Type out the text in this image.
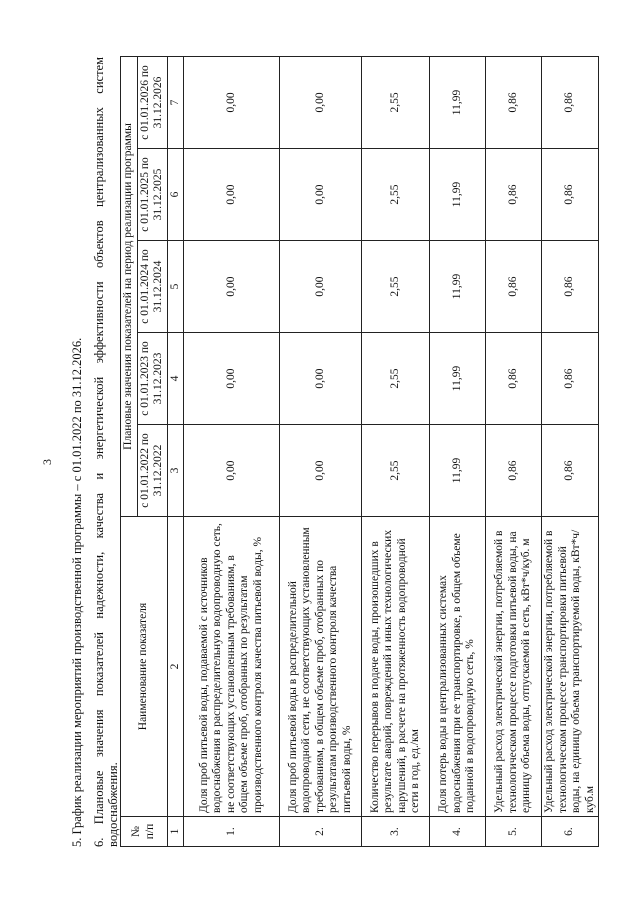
3 5. График реализации мероприятий производственной программы – с 01.01.2022 по 31.12.2026. 6. Плановые значения показателей надежности, качества и энергетической эффективности объектов централизованных систем водоснабжения. № п/п	Наименование показателя	Плановые значения показателей на период реализации программы				
		с 01.01.2022 по 31.12.2022	с 01.01.2023 по 31.12.2023	с 01.01.2024 по 31.12.2024	с 01.01.2025 по 31.12.2025	с 01.01.2026 по 31.12.2026
1	2	3	4	5	6	7
1.	Доля проб питьевой воды, подаваемой с источников водоснабжения в распределительную водопроводную сеть, не соответствующих установленным требованиям, в общем объеме проб, отобранных по результатам производственного контроля качества питьевой воды, %	0,00	0,00	0,00	0,00	0,00
2.	Доля проб питьевой воды в распределительной водопроводной сети, не соответствующих установленным требованиям, в общем объеме проб, отобранных по результатам производственного контроля качества питьевой воды, %	0,00	0,00	0,00	0,00	0,00
3.	Количество перерывов в подаче воды, произошедших в результате аварий, повреждений и иных технологических нарушений, в расчете на протяженность водопроводной сети в год, ед./км	2,55	2,55	2,55	2,55	2,55
4.	Доля потерь воды в централизованных системах водоснабжения при ее транспортировке, в общем объеме поданной в водопроводную сеть, %	11,99	11,99	11,99	11,99	11,99
5.	Удельный расход электрической энергии, потребляемой в технологическом процессе подготовки питьевой воды, на единицу объема воды, отпускаемой в сеть, кВт*ч/куб. м	0,86	0,86	0,86	0,86	0,86
6.	Удельный расход электрической энергии, потребляемой в технологическом процессе транспортировки питьевой воды, на единицу объема транспортируемой воды, кВт*ч/куб.м	0,86	0,86	0,86	0,86	0,86
